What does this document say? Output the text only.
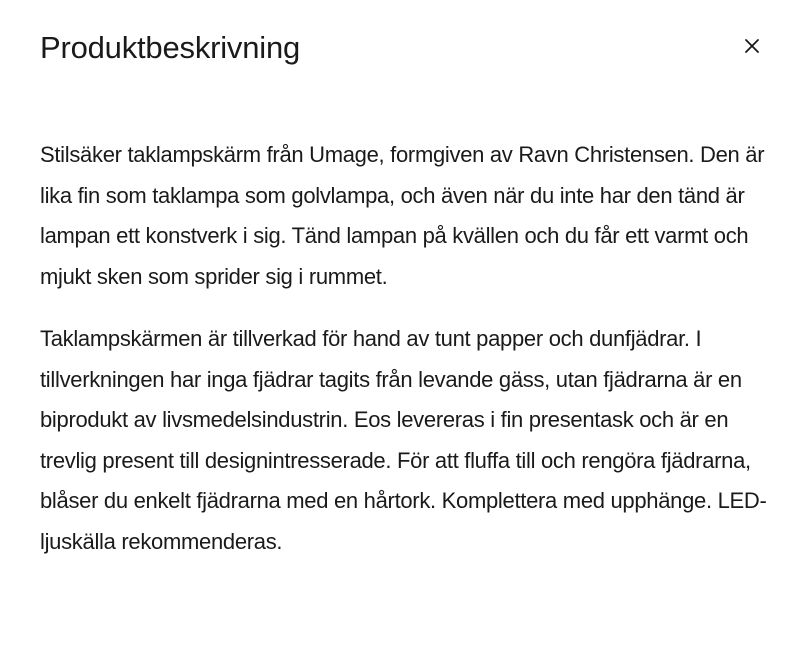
Produktbeskrivning

Stilsäker taklampskärm från Umage, formgiven av Ravn Christensen. Den är lika fin som taklampa som golvlampa, och även när du inte har den tänd är lampan ett konstverk i sig. Tänd lampan på kvällen och du får ett varmt och mjukt sken som sprider sig i rummet.

Taklampskärmen är tillverkad för hand av tunt papper och dunfjädrar. I tillverkningen har inga fjädrar tagits från levande gäss, utan fjädrarna är en biprodukt av livsmedelsindustrin. Eos levereras i fin presentask och är en trevlig present till designintresserade. För att fluffa till och rengöra fjädrarna, blåser du enkelt fjädrarna med en hårtork. Komplettera med upphänge. LED-ljuskälla rekommenderas.
